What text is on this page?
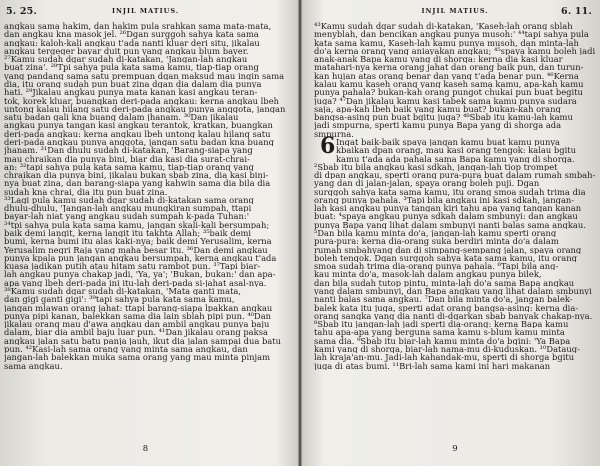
5. 25.	INJIL MATIUS.

angkau sama hakim, dan hakim pula srahkan sama mata-mata,

dan angkau kna masok jel. ²⁶Dgan surggoh sahya kata sama

angkau: kaloh-kali angkau t'ada nanti kluar deri situ, jikalau

angkau tergeger bayar duit pun yang angkau blum bayer.

²⁷Kamu sudah dgar sudah di-katakan, 'Jangan-lah angkau

buat zina'. ²⁸Tpi sahya pula kata sama kamu, tiap-tiap orang

yang pandang sama satu prempuan dgan maksud mau ingin sama

dia, itu orang sudah pun buat zina dgan dia dalam dia punya

hati. ²⁹Jikalau angkau punya mata kanan kasi angkau teran-

tok, korek kluar, buangkan deri-pada angkau: kerna angkau lbeh

untong kalau hilang satu deri-pada angkau punya anggota, jangan

satu badan gali kna buang dalam jhanam. ³⁰Dan jikalau

angkau punya tangan kasi angkau terantok, kratkan, buangkan

deri-pada angkau: kerna angkau lbeh untong kalau hilang satu

deri-pada angkau punya anggota, jangan satu badan kna buang

jhanam. ³¹Dan dhulu sudah di-katakan, 'Barang-siapa yang

mau chraikan dia punya bini, biar dia kasi dia surat-chrai-

an: ³²tapi sahya pula kata sama kamu, tiap-tiap orang yang

chraikan dia punya bini, jikalau bukan sbab zina, dia kasi bini-

nya buat zina, dan barang-siapa yang kahwin sama dia bila dia

sudah kna chrai, dia itu pun buat zina.

³³Lagi pula kamu sudah dgar sudah di-katakan sama orang

dhulu-dhulu, 'Jangan-lah angkau mungkiran sumpah, ttapi

bayar-lah niat yang angkau sudah sumpah k-pada Tuhan:'

³⁴tpi sahya pula kata sama kamu, jangan skali-kali bersumpah;

baik demi langit, kerna langit itu takhta Allah; ³⁵baik demi

bumi, kerna bumi itu alas kaki-nya; baik demi Yerusalim, kerna

Yerusalim negri Raja yang maha besar itu. ³⁶Dan demi angkau

punya kpala pun jangan angkau bersumpah, kerna angkau t'ada

kuasa jadikan putih atau hitam satu rambot pun. ³⁷Tapi biar-

lah angkau punya chakap jadi, 'Ya, ya'; 'Bukan, bukan:' dan apa-

apa yang lbeh deri-pada ini itu-lah deri-pada si-jahat asal-nya.

³⁸Kamu sudah dgar sudah di-katakan, 'Mata ganti mata,

dan gigi ganti gigi': ³⁹tapi sahya pula kata sama kamu,

jangan mlawan orang jahat: ttapi barang-siapa lpakkan angkau

punya pipi kanan, balekkan sama dia lain sblah pipi pun. ⁴⁰Dan

jikalau orang mau d'awa angkau dan ambil angkau punya baju

dalam, biar dia ambil baju luar pun. ⁴¹Dan jikalau orang paksa

angkau jalan satu batu panja jauh, ikut dia jalan sampai dua batu

pun. ⁴²Kasi-lah sama orang yang minta sama angkau, dan

jangan-lah balekkan muka sama orang yang mau minta pinjam

sama angkau.

8
INJIL MATIUS.	6. 11.

⁴³Kamu sudah dgar sudah di-katakan, 'Kaseh-lah orang sblah

menyblah, dan bencikan angkau punya musoh:' ⁴⁴tapi sahya pula

kata sama kamu, Kaseh-lah kamu punya musoh, dan minta-lah

do'a kerna orang yang aniayakan angkau; ⁴⁵spaya kamu boleh jadi

anak-anak Bapa kamu yang di shorga: kerna dia kasi kluar

matahari-nya kerna orang jahat dan orang baik pun, dan turun-

kan hujan atas orang benar dan yang t'ada benar pun. ⁴⁶Kerna

kalau kamu kaseh orang yang kaseh sama kamu, apa-kah kamu

punya pahala? bukan-kah orang pungot chukai pun buat begitu

juga? ⁴⁷Dan jikalau kamu kasi tabek sama kamu punya sudara

saja, apa-kah lbeh baik yang kamu buat? bukan-kah orang

bangsa-asing pun buat bgitu juga? ⁴⁸Sbab itu kamu-lah kamu

jadi smpurna, sperti kamu punya Bapa yang di shorga ada

smpurna.

6 Ingat baik-baik spaya jangan kamu buat kamu punya

kbaikan dpan orang, mau kasi orang tengok: kalau bgitu

kamu t'ada ada pahala sama Bapa kamu yang di shorga.

²Sbab itu bila angkau kasi sdkah, jangan-lah tiop trompet

di dpan angkau, sperti orang pura-pura buat dalam rumah smbah-

yang dan di jalan-jalan, spaya orang boleh puji. Dgan

surggoh sahya kata sama kamu, itu orang smoa sudah trima dia

orang punya pahala. ³Tapi bila angkau ini kasi sdkah, jangan-

lah kasi angkau punya tangan kiri tahu apa yang tangan kanan

buat: ⁴spaya angkau punya sdkah dalam smbunyi: dan angkau

punya Bapa yang lihat dalam smbunyi nanti balas sama angkau.

⁵Dan bila kamu minta do'a, jangan-lah kamu sperti orang

pura-pura: kerna dia-orang suka berdiri minta do'a dalam

rumah smbahyang dan di simpang-sempang jalan, spaya orang

boleh tengok. Dgan surggoh sahya kata sama kamu, itu orang

smoa sudah trima dia-orang punya pahala. ⁶Tapi bila ang-

kau minta do'a, masok-lah dalam angkau punya bilek,

dan bila sudah tutop pintu, minta-lah do'a sama Bapa angkau

yang dalam smbunyi, dan Bapa angkau yang lihat dalam smbunyi

nanti balas sama angkau. ⁷Dan bila minta do'a, jangan balek-

balek kata itu juga, sperti adat orang bangsa-asing: kerna dia-

orang sangka yang dia nanti di-dgarkan sbab banyak chakap-nya.

⁸Sbab itu jangan-lah jadi sperti dia-orang: kerna Bapa kamu

tahu apa-apa yang berguna sama kamu s-blum kamu minta

sama dia. ⁹Sbab itu biar-lah kamu minta do'a bgini: 'Ya Bapa

kami yang di shorga, biar-lah nama-mu di-kuduskan. ¹⁰Dataug-

lah kraja'an-mu. Jadi-lah kahandak-mu, sperti di shorga bgitu

juga di atas bumi. ¹¹Bri-lah sama kami ini hari makanan

9
